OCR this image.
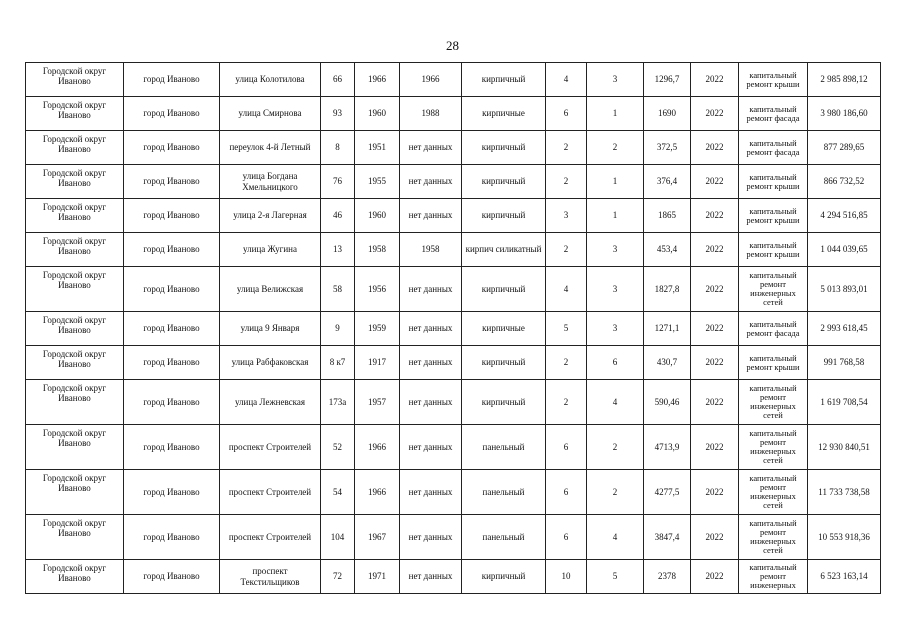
28
Городской округ Иваново	город Иваново	улица Колотилова	66	1966	1966	кирпичный	4	3	1296,7	2022	капитальный ремонт крыши	2 985 898,12
Городской округ Иваново	город Иваново	улица Смирнова	93	1960	1988	кирпичные	6	1	1690	2022	капитальный ремонт фасада	3 980 186,60
Городской округ Иваново	город Иваново	переулок 4-й Летный	8	1951	нет данных	кирпичный	2	2	372,5	2022	капитальный ремонт фасада	877 289,65
Городской округ Иваново	город Иваново	улица Богдана Хмельницкого	76	1955	нет данных	кирпичный	2	1	376,4	2022	капитальный ремонт крыши	866 732,52
Городской округ Иваново	город Иваново	улица 2-я Лагерная	46	1960	нет данных	кирпичный	3	1	1865	2022	капитальный ремонт крыши	4 294 516,85
Городской округ Иваново	город Иваново	улица Жугина	13	1958	1958	кирпич силикатный	2	3	453,4	2022	капитальный ремонт крыши	1 044 039,65
Городской округ Иваново	город Иваново	улица Велижская	58	1956	нет данных	кирпичный	4	3	1827,8	2022	капитальный ремонт инженерных сетей	5 013 893,01
Городской округ Иваново	город Иваново	улица 9 Января	9	1959	нет данных	кирпичные	5	3	1271,1	2022	капитальный ремонт фасада	2 993 618,45
Городской округ Иваново	город Иваново	улица Рабфаковская	8 к7	1917	нет данных	кирпичный	2	6	430,7	2022	капитальный ремонт крыши	991 768,58
Городской округ Иваново	город Иваново	улица Лежневская	173а	1957	нет данных	кирпичный	2	4	590,46	2022	капитальный ремонт инженерных сетей	1 619 708,54
Городской округ Иваново	город Иваново	проспект Строителей	52	1966	нет данных	панельный	6	2	4713,9	2022	капитальный ремонт инженерных сетей	12 930 840,51
Городской округ Иваново	город Иваново	проспект Строителей	54	1966	нет данных	панельный	6	2	4277,5	2022	капитальный ремонт инженерных сетей	11 733 738,58
Городской округ Иваново	город Иваново	проспект Строителей	104	1967	нет данных	панельный	6	4	3847,4	2022	капитальный ремонт инженерных сетей	10 553 918,36
Городской округ Иваново	город Иваново	проспект Текстильщиков	72	1971	нет данных	кирпичный	10	5	2378	2022	капитальный ремонт инженерных	6 523 163,14
